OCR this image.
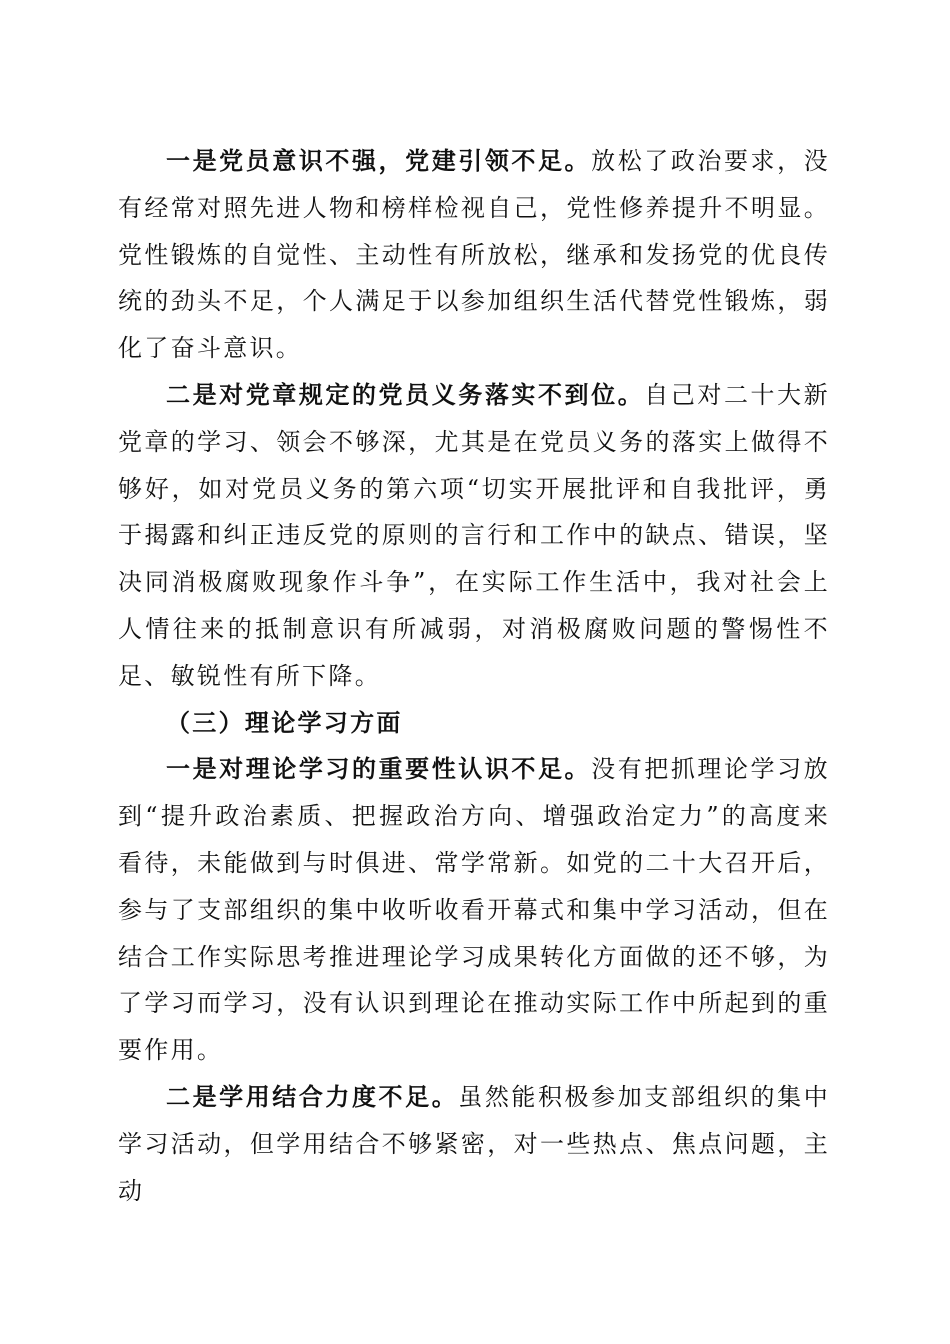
一是党员意识不强，党建引领不足。放松了政治要求，没有经常对照先进人物和榜样检视自己，党性修养提升不明显。党性锻炼的自觉性、主动性有所放松，继承和发扬党的优良传统的劲头不足，个人满足于以参加组织生活代替党性锻炼，弱化了奋斗意识。

二是对党章规定的党员义务落实不到位。自己对二十大新党章的学习、领会不够深，尤其是在党员义务的落实上做得不够好，如对党员义务的第六项“切实开展批评和自我批评，勇于揭露和纠正违反党的原则的言行和工作中的缺点、错误，坚决同消极腐败现象作斗争”，在实际工作生活中，我对社会上人情往来的抵制意识有所减弱，对消极腐败问题的警惕性不足、敏锐性有所下降。

（三）理论学习方面

一是对理论学习的重要性认识不足。没有把抓理论学习放到“提升政治素质、把握政治方向、增强政治定力”的高度来看待，未能做到与时俱进、常学常新。如党的二十大召开后，参与了支部组织的集中收听收看开幕式和集中学习活动，但在结合工作实际思考推进理论学习成果转化方面做的还不够，为了学习而学习，没有认识到理论在推动实际工作中所起到的重要作用。

二是学用结合力度不足。虽然能积极参加支部组织的集中学习活动，但学用结合不够紧密，对一些热点、焦点问题，主动
